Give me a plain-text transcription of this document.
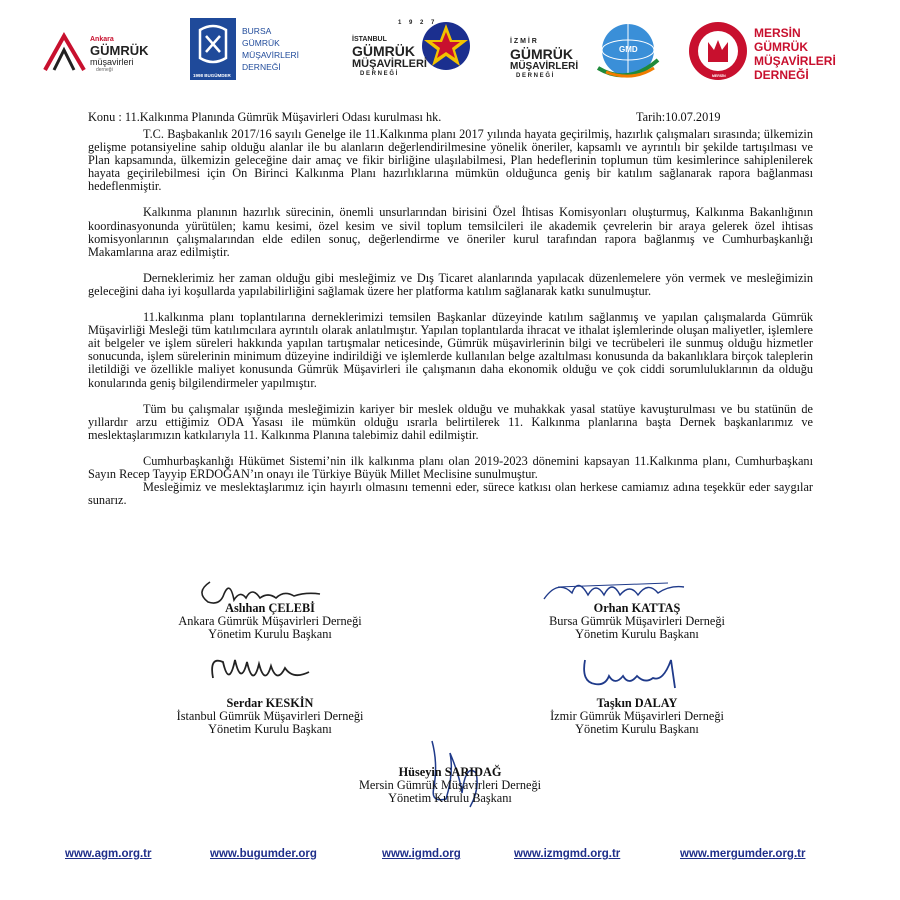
Ankara
GÜMRÜK
müşavirleri
derneği
1998 BUGÜMDER
BURSA
GÜMRÜK
MÜŞAVİRLERİ
DERNEĞİ
1 9 2 7
İSTANBUL
GÜMRÜK
MÜŞAVİRLERİ
D E R N E Ğ İ
İ Z M İ R
GÜMRÜK
MÜŞAVİRLERİ
D E R N E Ğ İ
GMD
MERSİN
MERSİN
GÜMRÜK
MÜŞAVİRLERİ
DERNEĞİ
Konu : 11.Kalkınma Planında Gümrük Müşavirleri Odası kurulması hk.	Tarih:10.07.2019

T.C. Başbakanlık 2017/16 sayılı Genelge ile 11.Kalkınma planı 2017 yılında hayata geçirilmiş, hazırlık çalışmaları sırasında; ülkemizin gelişme potansiyeline sahip olduğu alanlar ile bu alanların değerlendirilmesine yönelik öneriler, kapsamlı ve ayrıntılı bir şekilde tartışılması ve Plan kapsamında, ülkemizin geleceğine dair amaç ve fikir birliğine ulaşılabilmesi, Plan hedeflerinin toplumun tüm kesimlerince sahiplenilerek hayata geçirilebilmesi için On Birinci Kalkınma Planı hazırlıklarına mümkün olduğunca geniş bir katılım sağlanarak rapora bağlanması hedeflenmiştir.

Kalkınma planının hazırlık sürecinin, önemli unsurlarından birisini Özel İhtisas Komisyonları oluşturmuş, Kalkınma Bakanlığının koordinasyonunda yürütülen; kamu kesimi, özel kesim ve sivil toplum temsilcileri ile akademik çevrelerin bir araya gelerek özel ihtisas komisyonlarının çalışmalarından elde edilen sonuç, değerlendirme ve öneriler kurul tarafından rapora bağlanmış ve Cumhurbaşkanlığı Makamlarına araz edilmiştir.

Derneklerimiz her zaman olduğu gibi mesleğimiz ve Dış Ticaret alanlarında yapılacak düzenlemelere yön vermek ve mesleğimizin geleceğini daha iyi koşullarda yapılabilirliğini sağlamak üzere her platforma katılım sağlanarak katkı sunulmuştur.

11.kalkınma planı toplantılarına derneklerimizi temsilen Başkanlar düzeyinde katılım sağlanmış ve yapılan çalışmalarda Gümrük Müşavirliği Mesleği tüm katılımcılara ayrıntılı olarak anlatılmıştır. Yapılan toplantılarda ihracat ve ithalat işlemlerinde oluşan maliyetler, işlemlere ait belgeler ve işlem süreleri hakkında yapılan tartışmalar neticesinde, Gümrük müşavirlerinin bilgi ve tecrübeleri ile sunmuş olduğu hizmetler sonucunda, işlem sürelerinin minimum düzeyine indirildiği ve işlemlerde kullanılan belge azaltılması konusunda da bakanlıklara birçok taleplerin iletildiği ve özellikle maliyet konusunda Gümrük Müşavirleri ile çalışmanın daha ekonomik olduğu ve çok ciddi sorumluluklarının da olduğu konularında geniş bilgilendirmeler yapılmıştır.

Tüm bu çalışmalar ışığında mesleğimizin kariyer bir meslek olduğu ve muhakkak yasal statüye kavuşturulması ve bu statünün de yıllardır arzu ettiğimiz ODA Yasası ile mümkün olduğu ısrarla belirtilerek 11. Kalkınma planlarına başta Dernek başkanlarımız ve meslektaşlarımızın katkılarıyla 11. Kalkınma Planına talebimiz dahil edilmiştir.

Cumhurbaşkanlığı Hükümet Sistemi’nin ilk kalkınma planı olan 2019-2023 dönemini kapsayan 11.Kalkınma planı, Cumhurbaşkanı Sayın Recep Tayyip ERDOĞAN’ın onayı ile Türkiye Büyük Millet Meclisine sunulmuştur.

Mesleğimiz ve meslektaşlarımız için hayırlı olmasını temenni eder, sürece katkısı olan herkese camiamız adına teşekkür eder saygılar sunarız.

Aslıhan ÇELEBİ
Ankara Gümrük Müşavirleri Derneği
Yönetim Kurulu Başkanı
Orhan KATTAŞ
Bursa Gümrük Müşavirleri Derneği
Yönetim Kurulu Başkanı
Serdar KESKİN
İstanbul Gümrük Müşavirleri Derneği
Yönetim Kurulu Başkanı
Taşkın DALAY
İzmir Gümrük Müşavirleri Derneği
Yönetim Kurulu Başkanı
Hüseyin SARIDAĞ
Mersin Gümrük Müşavirleri Derneği
Yönetim Kurulu Başkanı
www.agm.org.tr	www.bugumder.org	www.igmd.org	www.izmgmd.org.tr	www.mergumder.org.tr
